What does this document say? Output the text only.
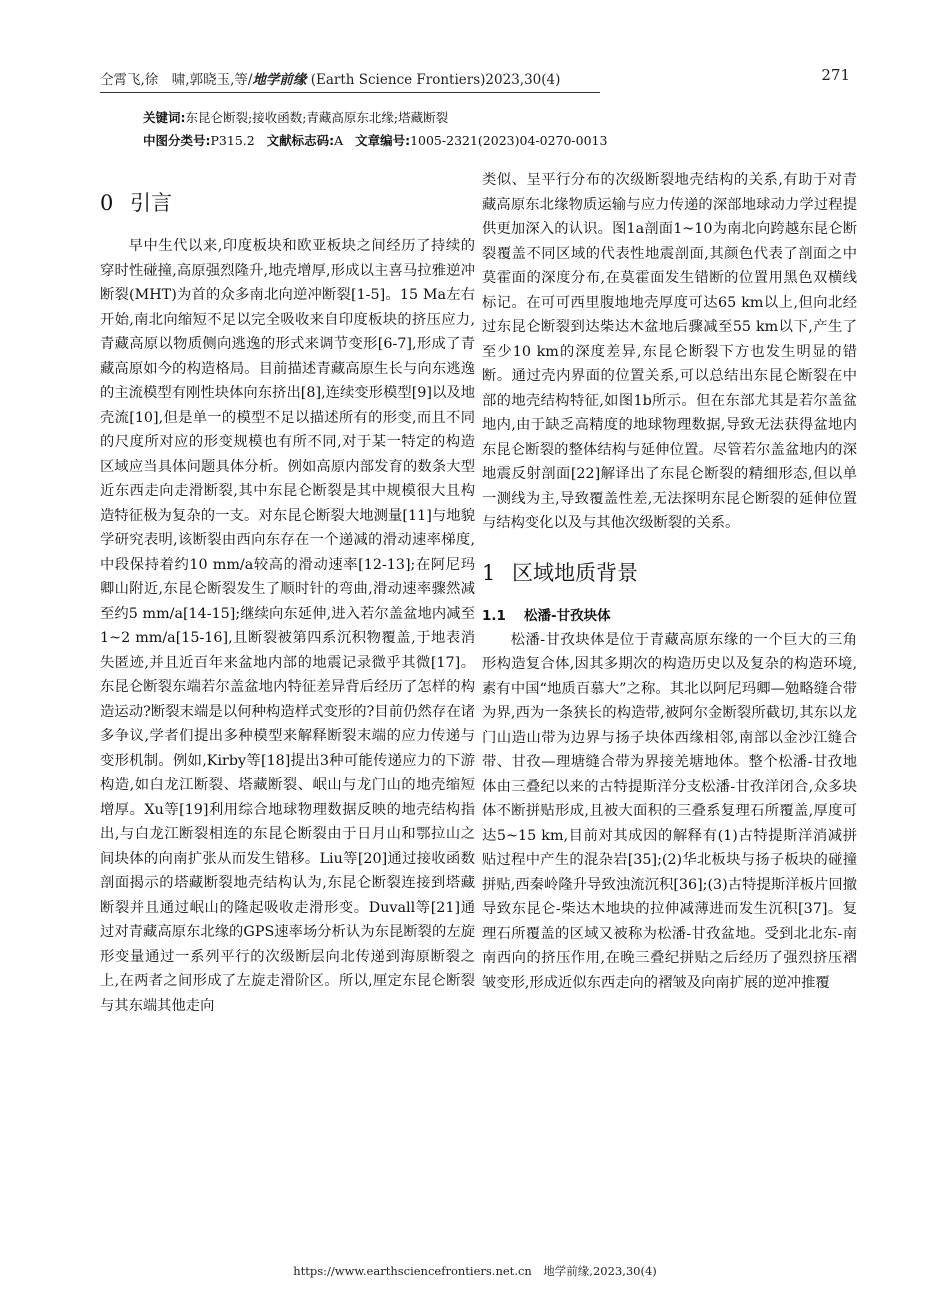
仝霄飞,徐　啸,郭晓玉,等/地学前缘 (Earth Science Frontiers)2023,30(4)	271
关键词:东昆仑断裂;接收函数;青藏高原东北缘;塔藏断裂
中图分类号:P315.2 文献标志码:A 文章编号:1005-2321(2023)04-0270-0013
0 引言

早中生代以来,印度板块和欧亚板块之间经历了持续的穿时性碰撞,高原强烈隆升,地壳增厚,形成以主喜马拉雅逆冲断裂(MHT)为首的众多南北向逆冲断裂[1-5]。15 Ma左右开始,南北向缩短不足以完全吸收来自印度板块的挤压应力,青藏高原以物质侧向逃逸的形式来调节变形[6-7],形成了青藏高原如今的构造格局。目前描述青藏高原生长与向东逃逸的主流模型有刚性块体向东挤出[8],连续变形模型[9]以及地壳流[10],但是单一的模型不足以描述所有的形变,而且不同的尺度所对应的形变规模也有所不同,对于某一特定的构造区域应当具体问题具体分析。例如高原内部发育的数条大型近东西走向走滑断裂,其中东昆仑断裂是其中规模很大且构造特征极为复杂的一支。对东昆仑断裂大地测量[11]与地貌学研究表明,该断裂由西向东存在一个递减的滑动速率梯度,中段保持着约10 mm/a较高的滑动速率[12-13];在阿尼玛卿山附近,东昆仑断裂发生了顺时针的弯曲,滑动速率骤然减至约5 mm/a[14-15];继续向东延伸,进入若尔盖盆地内减至1~2 mm/a[15-16],且断裂被第四系沉积物覆盖,于地表消失匿迹,并且近百年来盆地内部的地震记录微乎其微[17]。东昆仑断裂东端若尔盖盆地内特征差异背后经历了怎样的构造运动?断裂末端是以何种构造样式变形的?目前仍然存在诸多争议,学者们提出多种模型来解释断裂末端的应力传递与变形机制。例如,Kirby等[18]提出3种可能传递应力的下游构造,如白龙江断裂、塔藏断裂、岷山与龙门山的地壳缩短增厚。Xu等[19]利用综合地球物理数据反映的地壳结构指出,与白龙江断裂相连的东昆仑断裂由于日月山和鄂拉山之间块体的向南扩张从而发生错移。Liu等[20]通过接收函数剖面揭示的塔藏断裂地壳结构认为,东昆仑断裂连接到塔藏断裂并且通过岷山的隆起吸收走滑形变。Duvall等[21]通过对青藏高原东北缘的GPS速率场分析认为东昆断裂的左旋形变量通过一系列平行的次级断层向北传递到海原断裂之上,在两者之间形成了左旋走滑阶区。所以,厘定东昆仑断裂与其东端其他走向

类似、呈平行分布的次级断裂地壳结构的关系,有助于对青藏高原东北缘物质运输与应力传递的深部地球动力学过程提供更加深入的认识。图1a剖面1~10为南北向跨越东昆仑断裂覆盖不同区域的代表性地震剖面,其颜色代表了剖面之中莫霍面的深度分布,在莫霍面发生错断的位置用黑色双横线标记。在可可西里腹地地壳厚度可达65 km以上,但向北经过东昆仑断裂到达柴达木盆地后骤减至55 km以下,产生了至少10 km的深度差异,东昆仑断裂下方也发生明显的错断。通过壳内界面的位置关系,可以总结出东昆仑断裂在中部的地壳结构特征,如图1b所示。但在东部尤其是若尔盖盆地内,由于缺乏高精度的地球物理数据,导致无法获得盆地内东昆仑断裂的整体结构与延伸位置。尽管若尔盖盆地内的深地震反射剖面[22]解译出了东昆仑断裂的精细形态,但以单一测线为主,导致覆盖性差,无法探明东昆仑断裂的延伸位置与结构变化以及与其他次级断裂的关系。

1 区域地质背景
1.1 松潘-甘孜块体

松潘-甘孜块体是位于青藏高原东缘的一个巨大的三角形构造复合体,因其多期次的构造历史以及复杂的构造环境,素有中国“地质百慕大”之称。其北以阿尼玛卿—勉略缝合带为界,西为一条狭长的构造带,被阿尔金断裂所截切,其东以龙门山造山带为边界与扬子块体西缘相邻,南部以金沙江缝合带、甘孜—理塘缝合带为界接羌塘地体。整个松潘-甘孜地体由三叠纪以来的古特提斯洋分支松潘-甘孜洋闭合,众多块体不断拼贴形成,且被大面积的三叠系复理石所覆盖,厚度可达5~15 km,目前对其成因的解释有(1)古特提斯洋消减拼贴过程中产生的混杂岩[35];(2)华北板块与扬子板块的碰撞拼贴,西秦岭隆升导致浊流沉积[36];(3)古特提斯洋板片回撤导致东昆仑-柴达木地块的拉伸减薄进而发生沉积[37]。复理石所覆盖的区域又被称为松潘-甘孜盆地。受到北北东-南南西向的挤压作用,在晚三叠纪拼贴之后经历了强烈挤压褶皱变形,形成近似东西走向的褶皱及向南扩展的逆冲推覆

https://www.earthsciencefrontiers.net.cn　地学前缘,2023,30(4)
